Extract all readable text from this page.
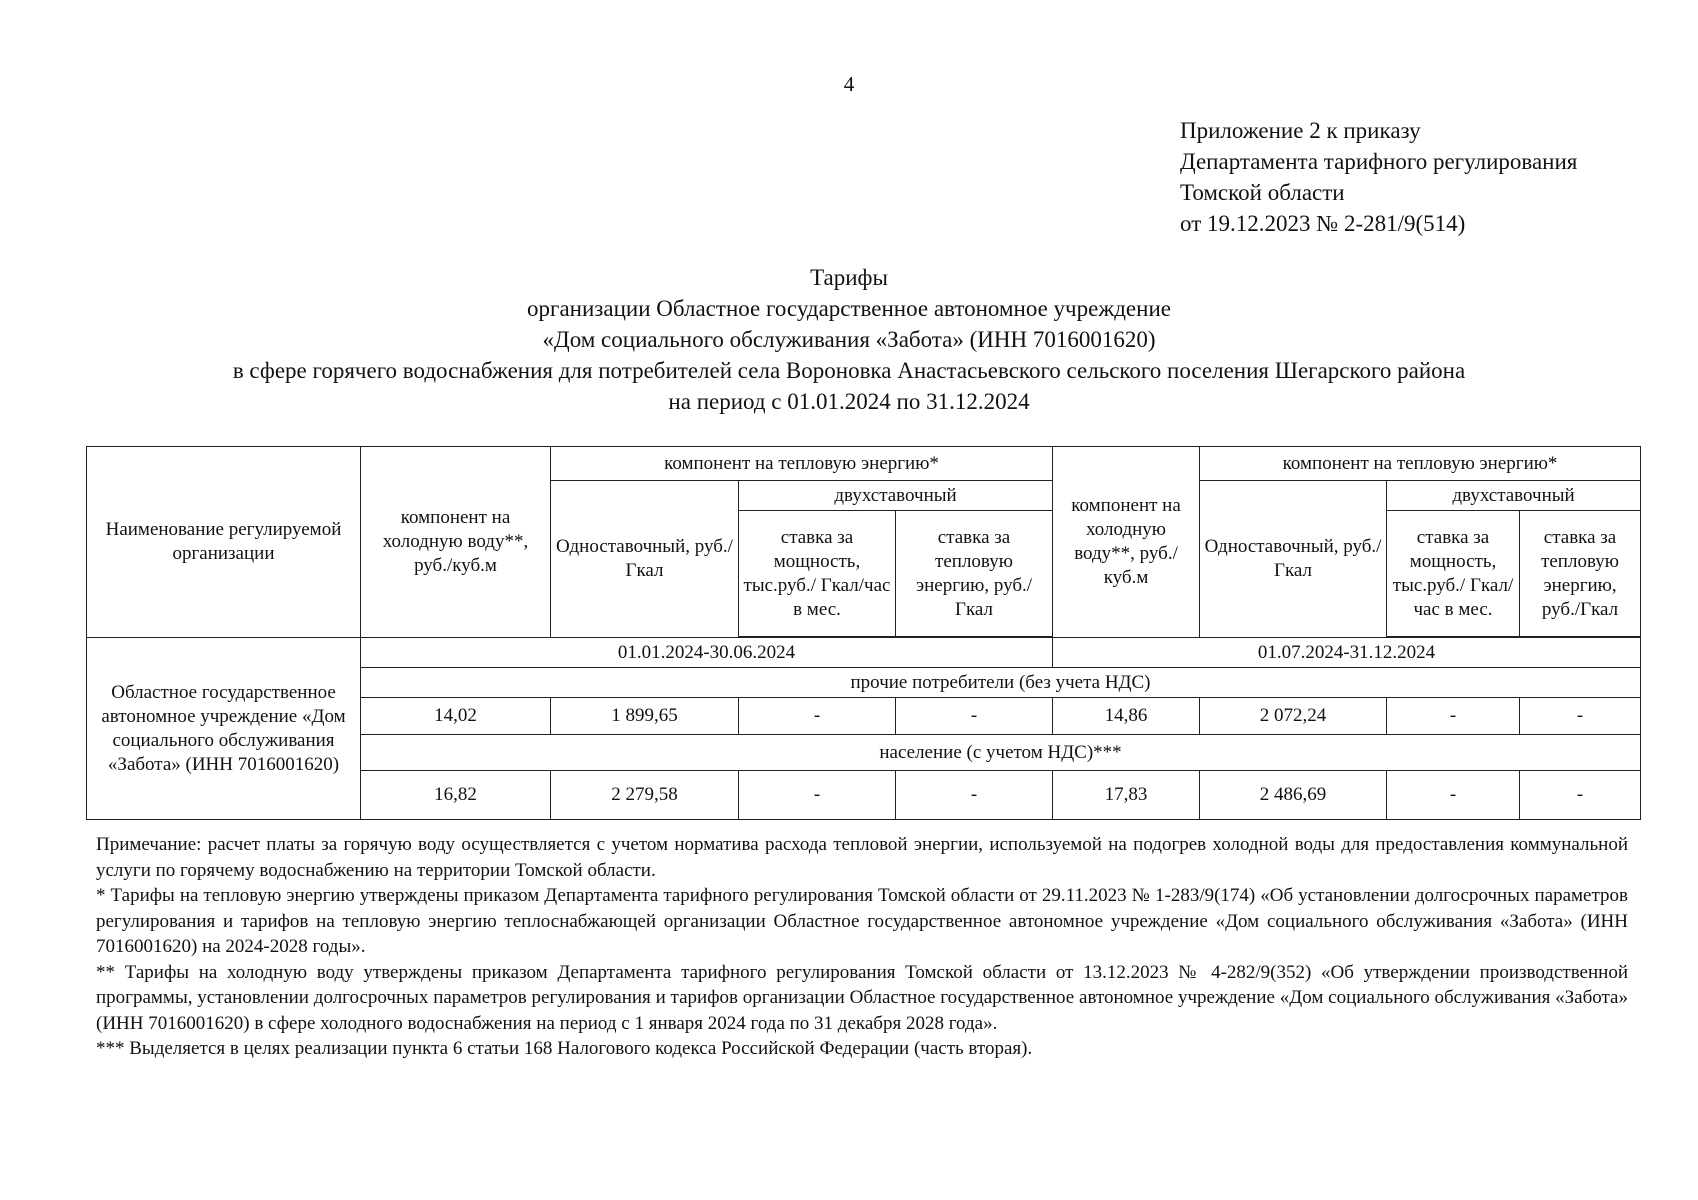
4
Приложение 2 к приказу
Департамента тарифного регулирования
Томской области
от 19.12.2023 № 2-281/9(514)
Тарифы
организации Областное государственное автономное учреждение
«Дом социального обслуживания «Забота» (ИНН 7016001620)
в сфере горячего водоснабжения для потребителей села Вороновка Анастасьевского сельского поселения Шегарского района
на период с 01.01.2024 по 31.12.2024
Наименование регулируемой организации	компонент на холодную воду**, руб./куб.м	компонент на тепловую энергию*			компонент на холодную воду**, руб./куб.м	компонент на тепловую энергию*		
		Одноставочный, руб./Гкал	двухставочный			Одноставочный, руб./Гкал	двухставочный	
			ставка за мощность, тыс.руб./ Гкал/час в мес.	ставка за тепловую энергию, руб./Гкал			ставка за мощность, тыс.руб./ Гкал/час в мес.	ставка за тепловую энергию, руб./Гкал

Областное государственное автономное учреждение «Дом социального обслуживания «Забота» (ИНН 7016001620)	01.01.2024-30.06.2024				01.07.2024-31.12.2024			
	прочие потребители (без учета НДС)							
	14,02	1 899,65	-	-	14,86	2 072,24	-	-
	население (с учетом НДС)***							
	16,82	2 279,58	-	-	17,83	2 486,69	-	-

Примечание: расчет платы за горячую воду осуществляется с учетом норматива расхода тепловой энергии, используемой на подогрев холодной воды для предоставления коммунальной услуги по горячему водоснабжению на территории Томской области.

* Тарифы на тепловую энергию утверждены приказом Департамента тарифного регулирования Томской области от 29.11.2023 № 1-283/9(174) «Об установлении долгосрочных параметров регулирования и тарифов на тепловую энергию теплоснабжающей организации Областное государственное автономное учреждение «Дом социального обслуживания «Забота» (ИНН 7016001620) на 2024-2028 годы».

** Тарифы на холодную воду утверждены приказом Департамента тарифного регулирования Томской области от 13.12.2023 № 4-282/9(352) «Об утверждении производственной программы, установлении долгосрочных параметров регулирования и тарифов организации Областное государственное автономное учреждение «Дом социального обслуживания «Забота» (ИНН 7016001620) в сфере холодного водоснабжения на период с 1 января 2024 года по 31 декабря 2028 года».

*** Выделяется в целях реализации пункта 6 статьи 168 Налогового кодекса Российской Федерации (часть вторая).
